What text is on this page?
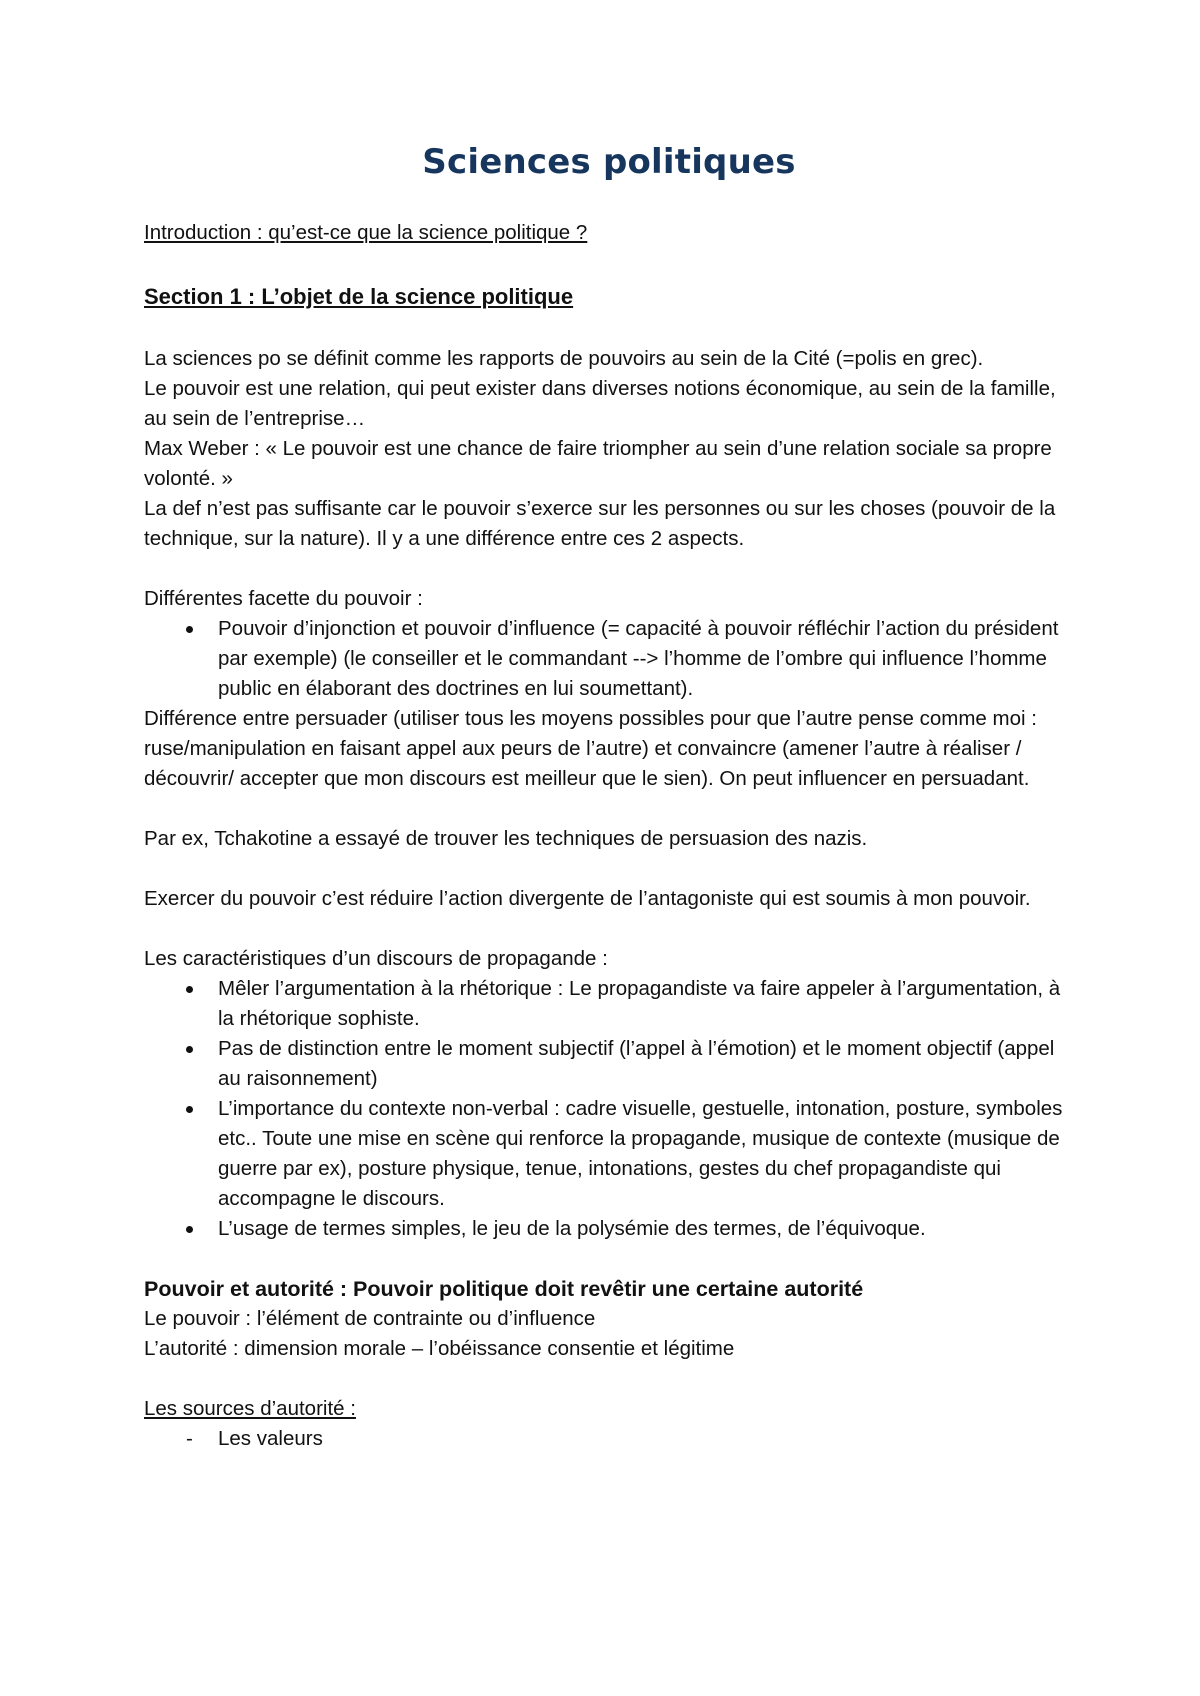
Sciences politiques

Introduction : qu’est-ce que la science politique ?

Section 1 : L’objet de la science politique

La sciences po se définit comme les rapports de pouvoirs au sein de la Cité (=polis en grec).

Le pouvoir est une relation, qui peut exister dans diverses notions économique, au sein de la famille, au sein de l’entreprise…

Max Weber : « Le pouvoir est une chance de faire triompher au sein d’une relation sociale sa propre volonté. »

La def n’est pas suffisante car le pouvoir s’exerce sur les personnes ou sur les choses (pouvoir de la technique, sur la nature). Il y a une différence entre ces 2 aspects.

Différentes facette du pouvoir :

Pouvoir d’injonction et pouvoir d’influence (= capacité à pouvoir réfléchir l’action du président par exemple) (le conseiller et le commandant --> l’homme de l’ombre qui influence l’homme public en élaborant des doctrines en lui soumettant).

Différence entre persuader (utiliser tous les moyens possibles pour que l’autre pense comme moi : ruse/manipulation en faisant appel aux peurs de l’autre) et convaincre (amener l’autre à réaliser / découvrir/ accepter que mon discours est meilleur que le sien). On peut influencer en persuadant.

Par ex, Tchakotine a essayé de trouver les techniques de persuasion des nazis.

Exercer du pouvoir c’est réduire l’action divergente de l’antagoniste qui est soumis à mon pouvoir.

Les caractéristiques d’un discours de propagande :

Mêler l’argumentation à la rhétorique : Le propagandiste va faire appeler à l’argumentation, à la rhétorique sophiste.
Pas de distinction entre le moment subjectif (l’appel à l’émotion) et le moment objectif (appel au raisonnement)
L’importance du contexte non-verbal : cadre visuelle, gestuelle, intonation, posture, symboles etc.. Toute une mise en scène qui renforce la propagande, musique de contexte (musique de guerre par ex), posture physique, tenue, intonations, gestes du chef propagandiste qui accompagne le discours.
L’usage de termes simples, le jeu de la polysémie des termes, de l’équivoque.

Pouvoir et autorité : Pouvoir politique doit revêtir une certaine autorité

Le pouvoir : l’élément de contrainte ou d’influence

L’autorité : dimension morale – l’obéissance consentie et légitime

Les sources d’autorité :

- Les valeurs
